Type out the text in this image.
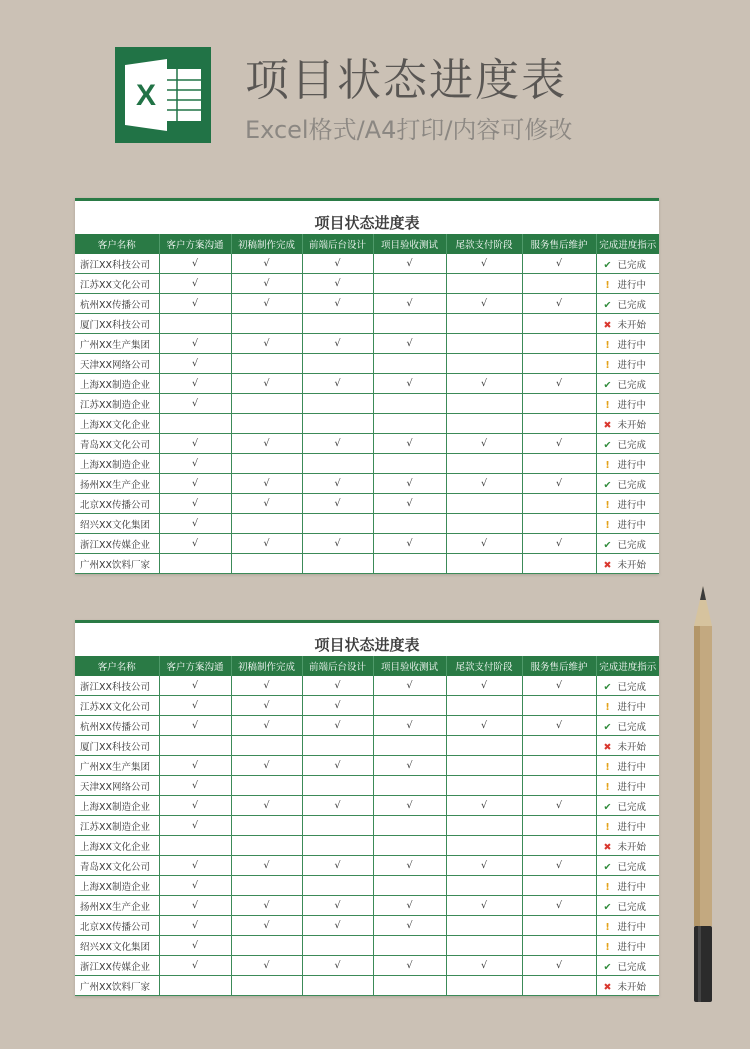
X 项目状态进度表
Excel格式/A4打印/内容可修改
项目状态进度表
客户名称	客户方案沟通	初稿制作完成	前端后台设计	项目验收测试	尾款支付阶段	服务售后维护	完成进度指示
浙江XX科技公司	√	√	√	√	√	√	✔ 已完成
江苏XX文化公司	√	√	√				! 进行中
杭州XX传播公司	√	√	√	√	√	√	✔ 已完成
厦门XX科技公司							✖ 未开始
广州XX生产集团	√	√	√	√			! 进行中
天津XX网络公司	√						! 进行中
上海XX制造企业	√	√	√	√	√	√	✔ 已完成
江苏XX制造企业	√						! 进行中
上海XX文化企业							✖ 未开始
青岛XX文化公司	√	√	√	√	√	√	✔ 已完成
上海XX制造企业	√						! 进行中
扬州XX生产企业	√	√	√	√	√	√	✔ 已完成
北京XX传播公司	√	√	√	√			! 进行中
绍兴XX文化集团	√						! 进行中
浙江XX传媒企业	√	√	√	√	√	√	✔ 已完成
广州XX饮料厂家							✖ 未开始
项目状态进度表
客户名称	客户方案沟通	初稿制作完成	前端后台设计	项目验收测试	尾款支付阶段	服务售后维护	完成进度指示
浙江XX科技公司	√	√	√	√	√	√	✔ 已完成
江苏XX文化公司	√	√	√				! 进行中
杭州XX传播公司	√	√	√	√	√	√	✔ 已完成
厦门XX科技公司							✖ 未开始
广州XX生产集团	√	√	√	√			! 进行中
天津XX网络公司	√						! 进行中
上海XX制造企业	√	√	√	√	√	√	✔ 已完成
江苏XX制造企业	√						! 进行中
上海XX文化企业							✖ 未开始
青岛XX文化公司	√	√	√	√	√	√	✔ 已完成
上海XX制造企业	√						! 进行中
扬州XX生产企业	√	√	√	√	√	√	✔ 已完成
北京XX传播公司	√	√	√	√			! 进行中
绍兴XX文化集团	√						! 进行中
浙江XX传媒企业	√	√	√	√	√	√	✔ 已完成
广州XX饮料厂家							✖ 未开始
